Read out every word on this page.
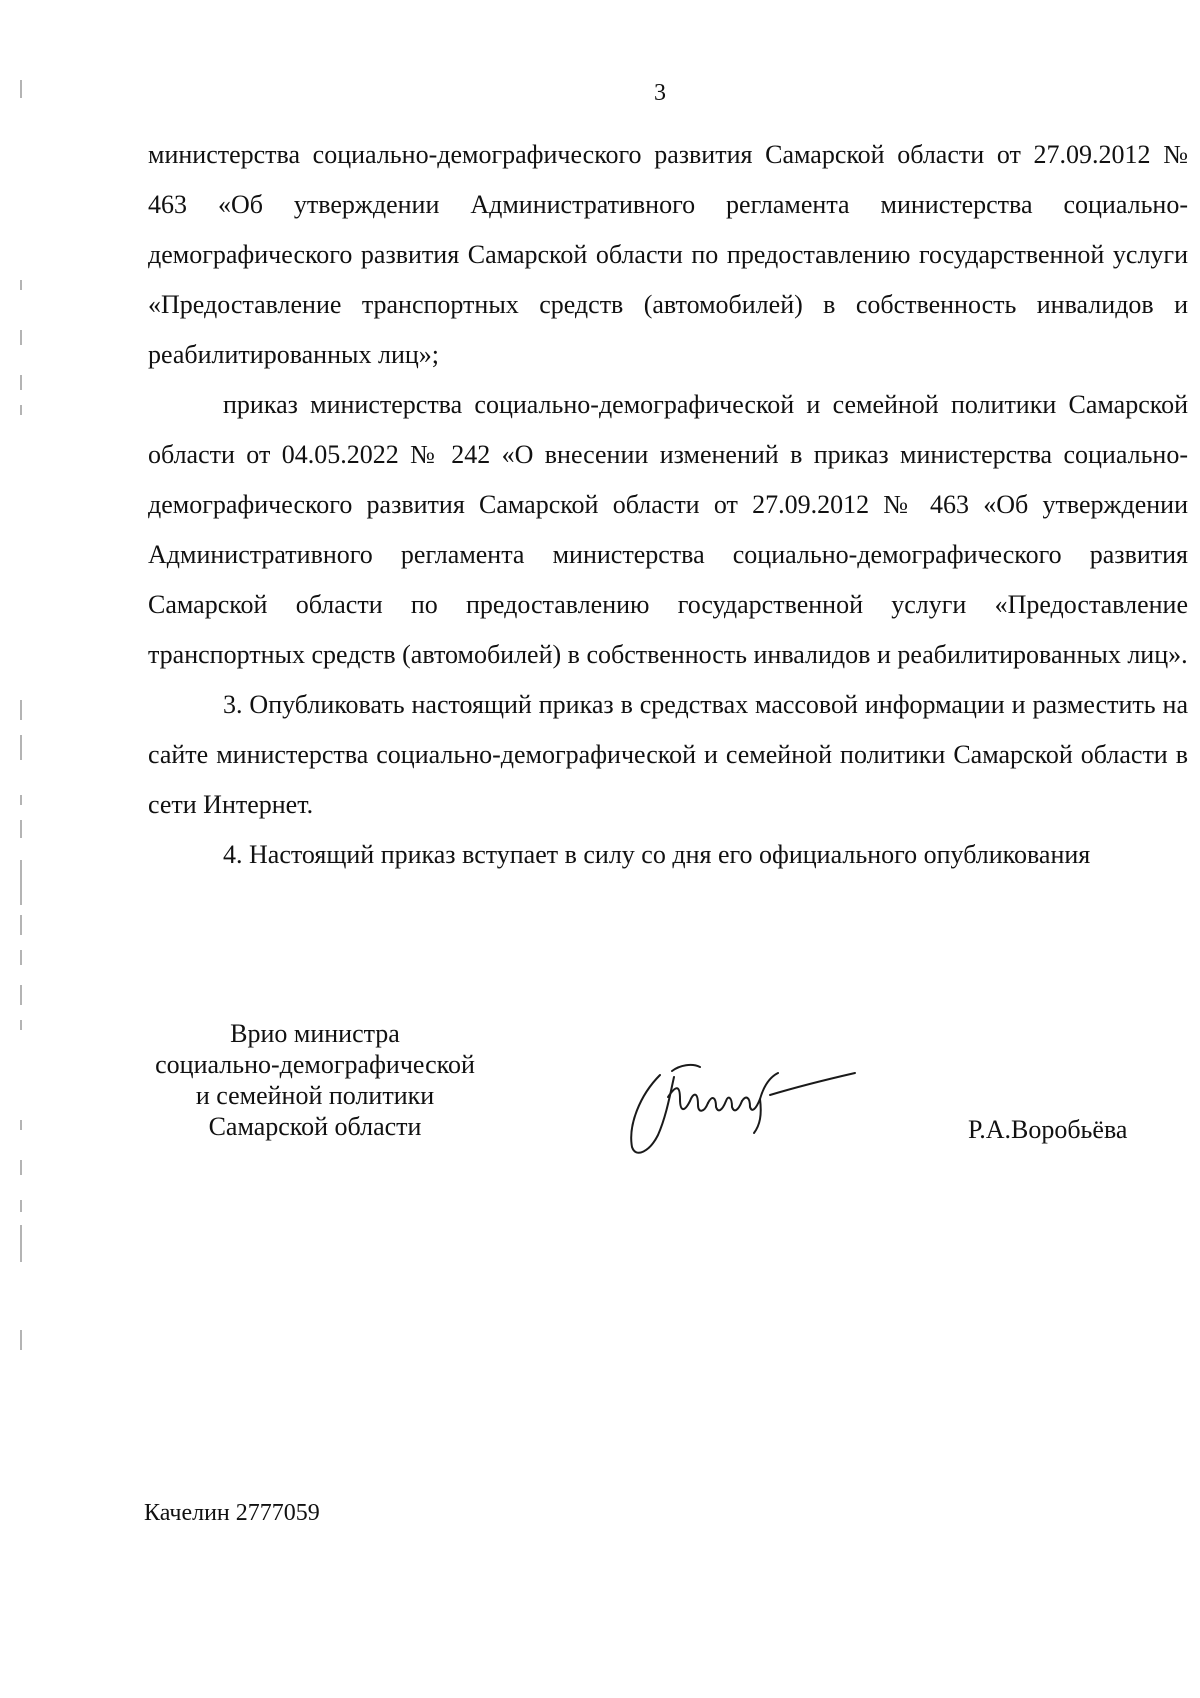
3

министерства социально-демографического развития Самарской области от 27.09.2012 № 463 «Об утверждении Административного регламента министерства социально-демографического развития Самарской области по предоставлению государственной услуги «Предоставление транспортных средств (автомобилей) в собственность инвалидов и реабилитированных лиц»;

приказ министерства социально-демографической и семейной политики Самарской области от 04.05.2022 № 242 «О внесении изменений в приказ министерства социально-демографического развития Самарской области от 27.09.2012 № 463 «Об утверждении Административного регламента министерства социально-демографического развития Самарской области по предоставлению государственной услуги «Предоставление транспортных средств (автомобилей) в собственность инвалидов и реабилитированных лиц».

3. Опубликовать настоящий приказ в средствах массовой информации и разместить на сайте министерства социально-демографической и семейной политики Самарской области в сети Интернет.

4. Настоящий приказ вступает в силу со дня его официального опубликования

Врио министра
социально-демографической
и семейной политики
Самарской области	Р.А.Воробьёва
Качелин 2777059
